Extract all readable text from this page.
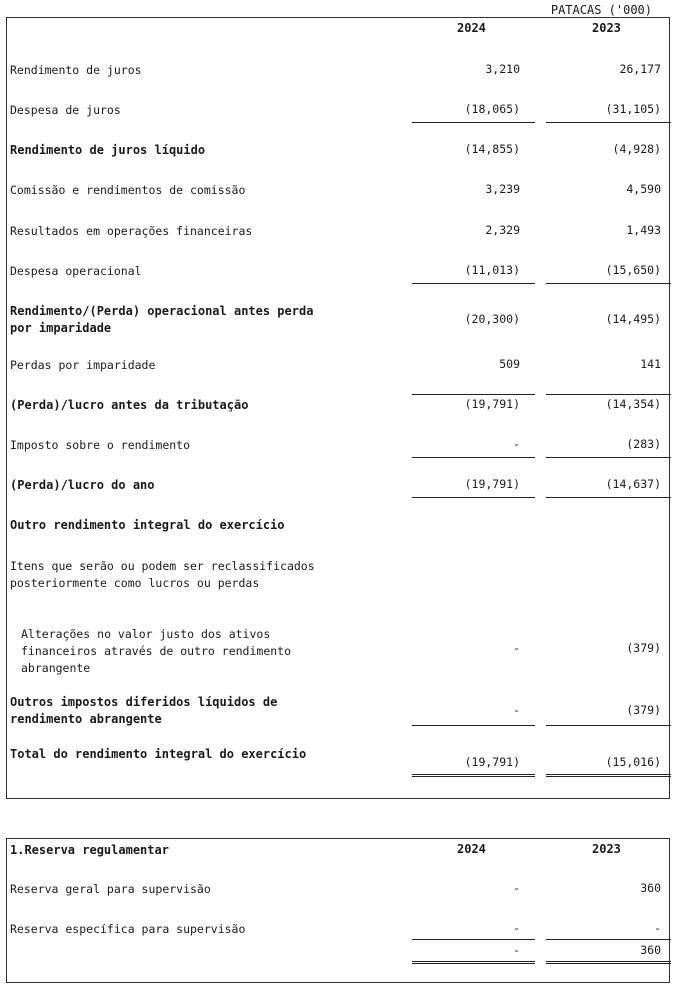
PATACAS ('000)
2024	2023
Rendimento de juros	3,210	26,177
Despesa de juros	(18,065)	(31,105)
Rendimento de juros líquido	(14,855)	(4,928)
Comissão e rendimentos de comissão	3,239	4,590
Resultados em operações financeiras	2,329	1,493
Despesa operacional	(11,013)	(15,650)
Rendimento/(Perda) operacional antes perda
por imparidade
(20,300)	(14,495)
Perdas por imparidade	509	141
(Perda)/lucro antes da tributação	(19,791)	(14,354)
Imposto sobre o rendimento	-	(283)
(Perda)/lucro do ano	(19,791)	(14,637)
Outro rendimento integral do exercício
Itens que serão ou podem ser reclassificados
posteriormente como lucros ou perdas
Alterações no valor justo dos ativos
financeiros através de outro rendimento
abrangente
-	(379)
Outros impostos diferidos líquidos de
rendimento abrangente
-	(379)
Total do rendimento integral do exercício
(19,791)	(15,016)
1.Reserva regulamentar	2024	2023
Reserva geral para supervisão	-	360
Reserva específica para supervisão	-	-
-	360
